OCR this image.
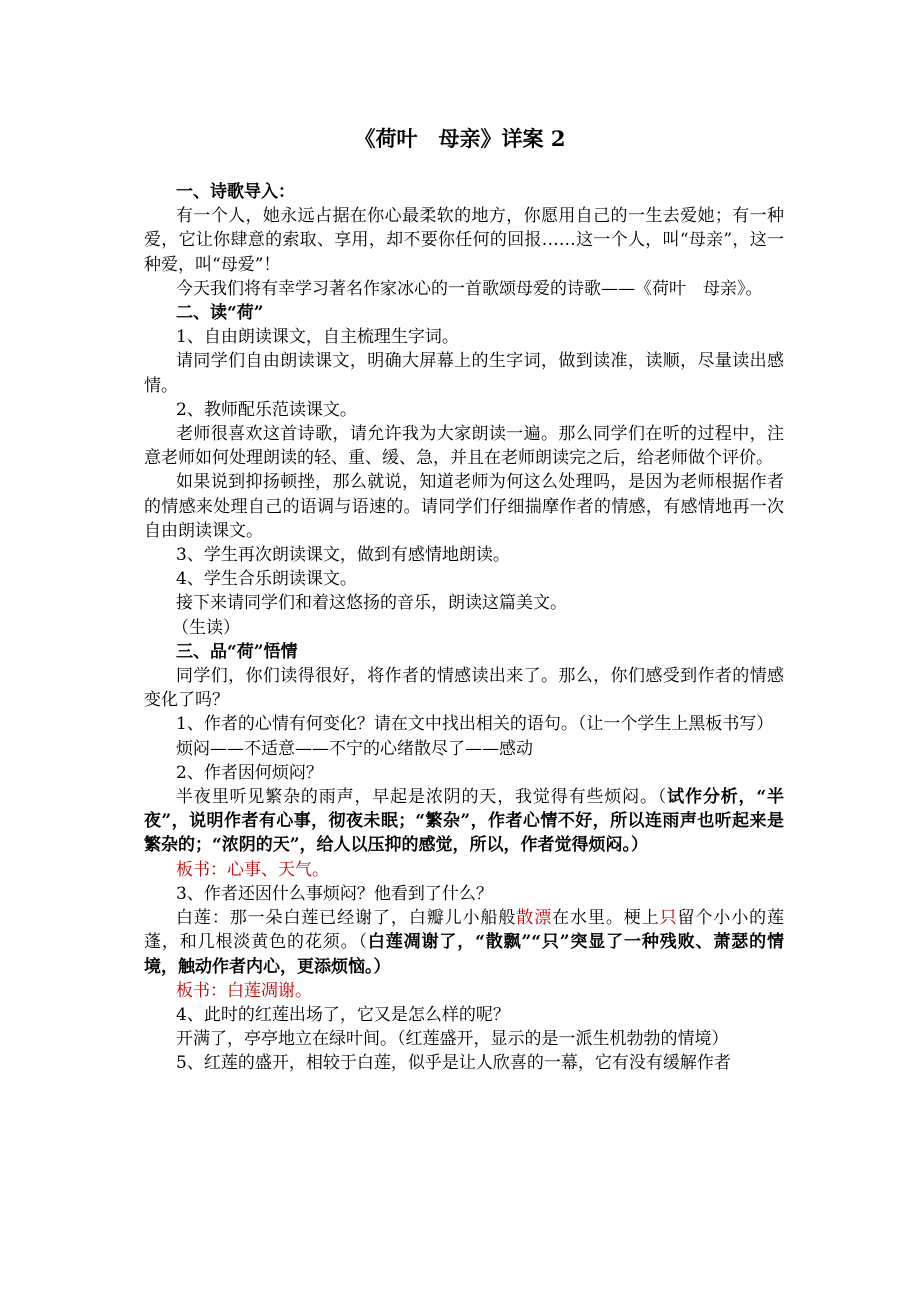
《荷叶　母亲》详案 2

一、诗歌导入：

有一个人，她永远占据在你心最柔软的地方，你愿用自己的一生去爱她；有一种爱，它让你肆意的索取、享用，却不要你任何的回报……这一个人，叫“母亲”，这一种爱，叫“母爱”！

今天我们将有幸学习著名作家冰心的一首歌颂母爱的诗歌——《荷叶　母亲》。

二、读“荷”

1、自由朗读课文，自主梳理生字词。

请同学们自由朗读课文，明确大屏幕上的生字词，做到读准，读顺，尽量读出感情。

2、教师配乐范读课文。

老师很喜欢这首诗歌，请允许我为大家朗读一遍。那么同学们在听的过程中，注意老师如何处理朗读的轻、重、缓、急，并且在老师朗读完之后，给老师做个评价。

如果说到抑扬顿挫，那么就说，知道老师为何这么处理吗，是因为老师根据作者的情感来处理自己的语调与语速的。请同学们仔细揣摩作者的情感，有感情地再一次自由朗读课文。

3、学生再次朗读课文，做到有感情地朗读。

4、学生合乐朗读课文。

接下来请同学们和着这悠扬的音乐，朗读这篇美文。

（生读）

三、品“荷”悟情

同学们，你们读得很好，将作者的情感读出来了。那么，你们感受到作者的情感变化了吗？

1、作者的心情有何变化？请在文中找出相关的语句。（让一个学生上黑板书写）

烦闷——不适意——不宁的心绪散尽了——感动

2、作者因何烦闷？

半夜里听见繁杂的雨声，早起是浓阴的天，我觉得有些烦闷。（试作分析，“半夜”，说明作者有心事，彻夜未眠；“繁杂”，作者心情不好，所以连雨声也听起来是繁杂的；“浓阴的天”，给人以压抑的感觉，所以，作者觉得烦闷。）

板书：心事、天气。

3、作者还因什么事烦闷？他看到了什么？

白莲：那一朵白莲已经谢了，白瓣儿小船般散漂在水里。梗上只留个小小的莲蓬，和几根淡黄色的花须。（白莲凋谢了，“散飘”“只”突显了一种残败、萧瑟的情境，触动作者内心，更添烦恼。）

板书：白莲凋谢。

4、此时的红莲出场了，它又是怎么样的呢？

开满了，亭亭地立在绿叶间。（红莲盛开，显示的是一派生机勃勃的情境）

5、红莲的盛开，相较于白莲，似乎是让人欣喜的一幕，它有没有缓解作者
